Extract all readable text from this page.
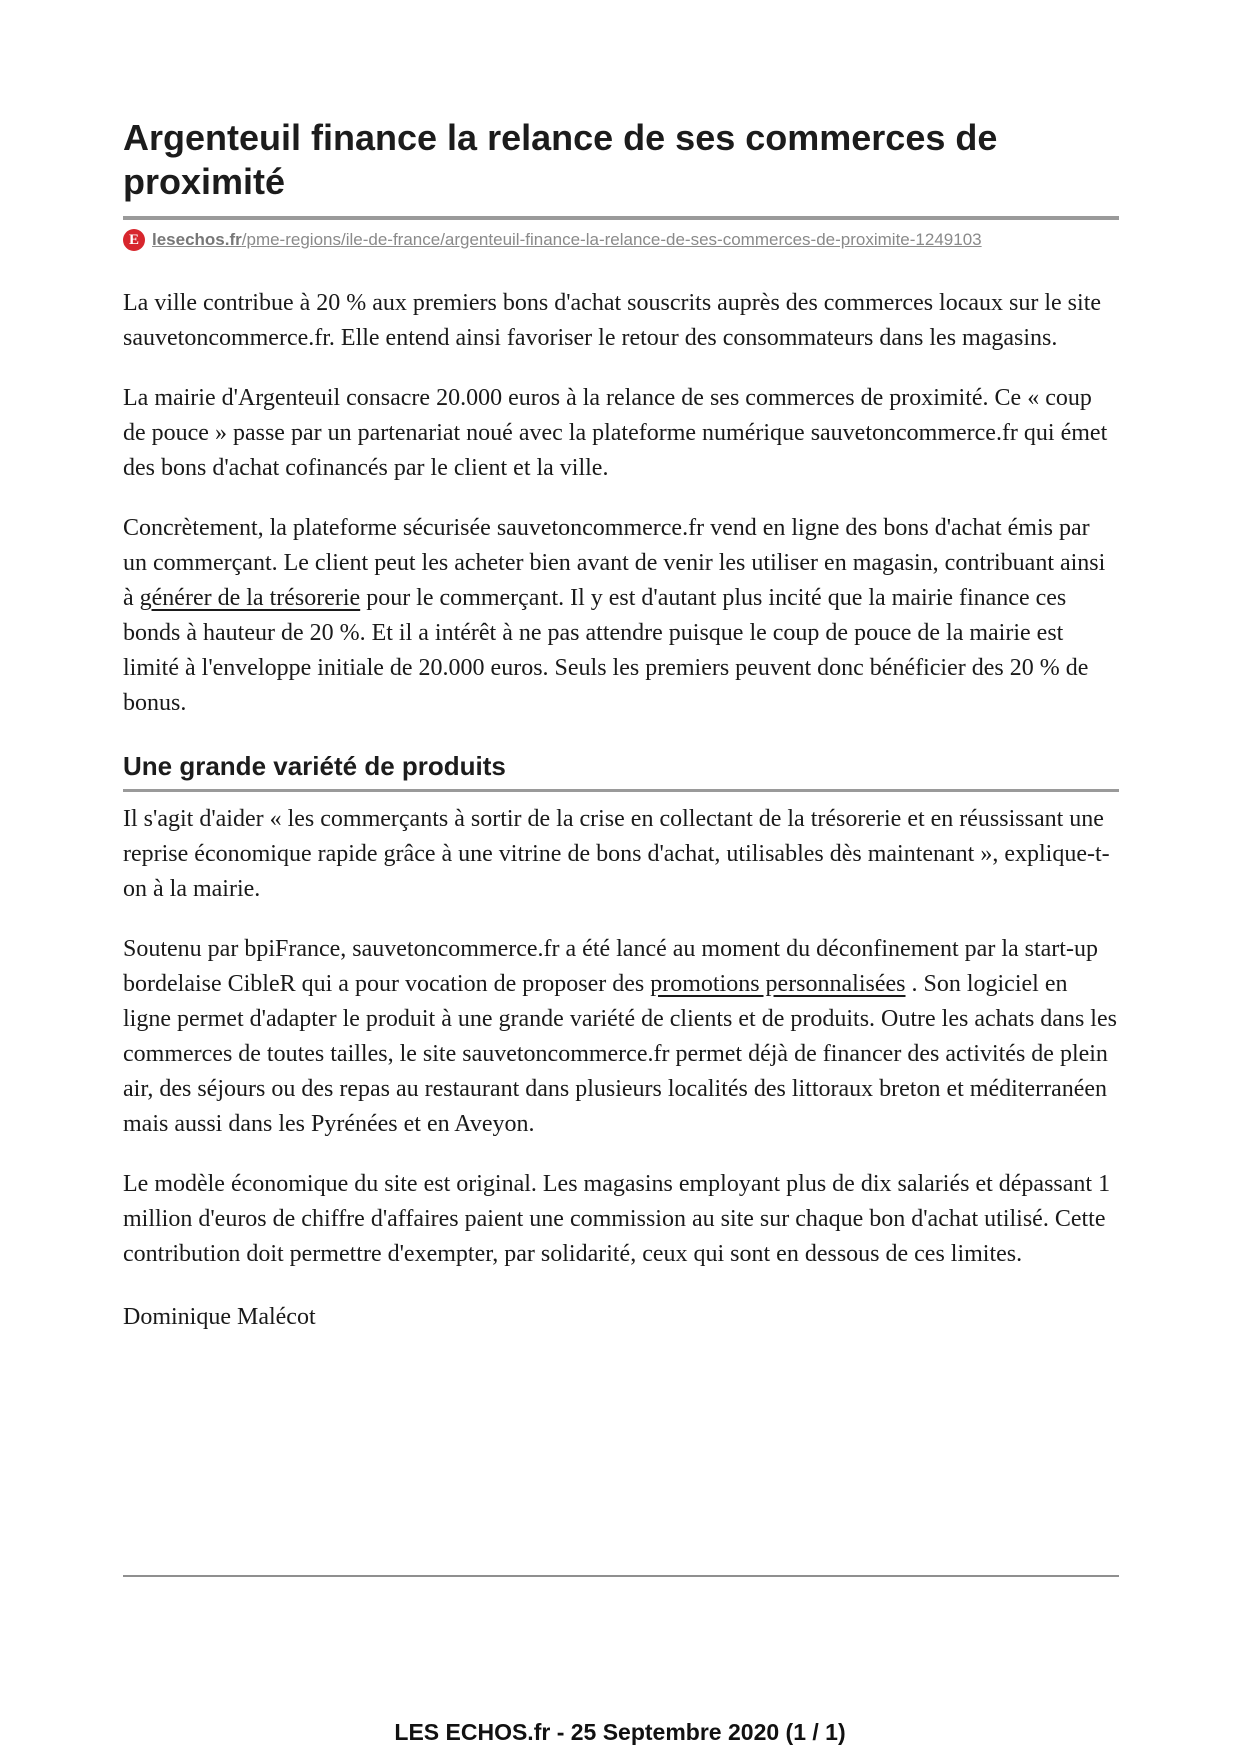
Argenteuil finance la relance de ses commerces de proximité
E lesechos.fr/pme-regions/ile-de-france/argenteuil-finance-la-relance-de-ses-commerces-de-proximite-1249103

La ville contribue à 20 % aux premiers bons d'achat souscrits auprès des commerces locaux sur le site sauvetoncommerce.fr. Elle entend ainsi favoriser le retour des consommateurs dans les magasins.

La mairie d'Argenteuil consacre 20.000 euros à la relance de ses commerces de proximité. Ce « coup de pouce » passe par un partenariat noué avec la plateforme numérique sauvetoncommerce.fr qui émet des bons d'achat cofinancés par le client et la ville.

Concrètement, la plateforme sécurisée sauvetoncommerce.fr vend en ligne des bons d'achat émis par un commerçant. Le client peut les acheter bien avant de venir les utiliser en magasin, contribuant ainsi à générer de la trésorerie pour le commerçant. Il y est d'autant plus incité que la mairie finance ces bonds à hauteur de 20 %. Et il a intérêt à ne pas attendre puisque le coup de pouce de la mairie est limité à l'enveloppe initiale de 20.000 euros. Seuls les premiers peuvent donc bénéficier des 20 % de bonus.

Une grande variété de produits

Il s'agit d'aider « les commerçants à sortir de la crise en collectant de la trésorerie et en réussissant une reprise économique rapide grâce à une vitrine de bons d'achat, utilisables dès maintenant », explique-t-on à la mairie.

Soutenu par bpiFrance, sauvetoncommerce.fr a été lancé au moment du déconfinement par la start-up bordelaise CibleR qui a pour vocation de proposer des promotions personnalisées . Son logiciel en ligne permet d'adapter le produit à une grande variété de clients et de produits. Outre les achats dans les commerces de toutes tailles, le site sauvetoncommerce.fr permet déjà de financer des activités de plein air, des séjours ou des repas au restaurant dans plusieurs localités des littoraux breton et méditerranéen mais aussi dans les Pyrénées et en Aveyon.

Le modèle économique du site est original. Les magasins employant plus de dix salariés et dépassant 1 million d'euros de chiffre d'affaires paient une commission au site sur chaque bon d'achat utilisé. Cette contribution doit permettre d'exempter, par solidarité, ceux qui sont en dessous de ces limites.

Dominique Malécot

LES ECHOS.fr - 25 Septembre 2020 (1 / 1)
